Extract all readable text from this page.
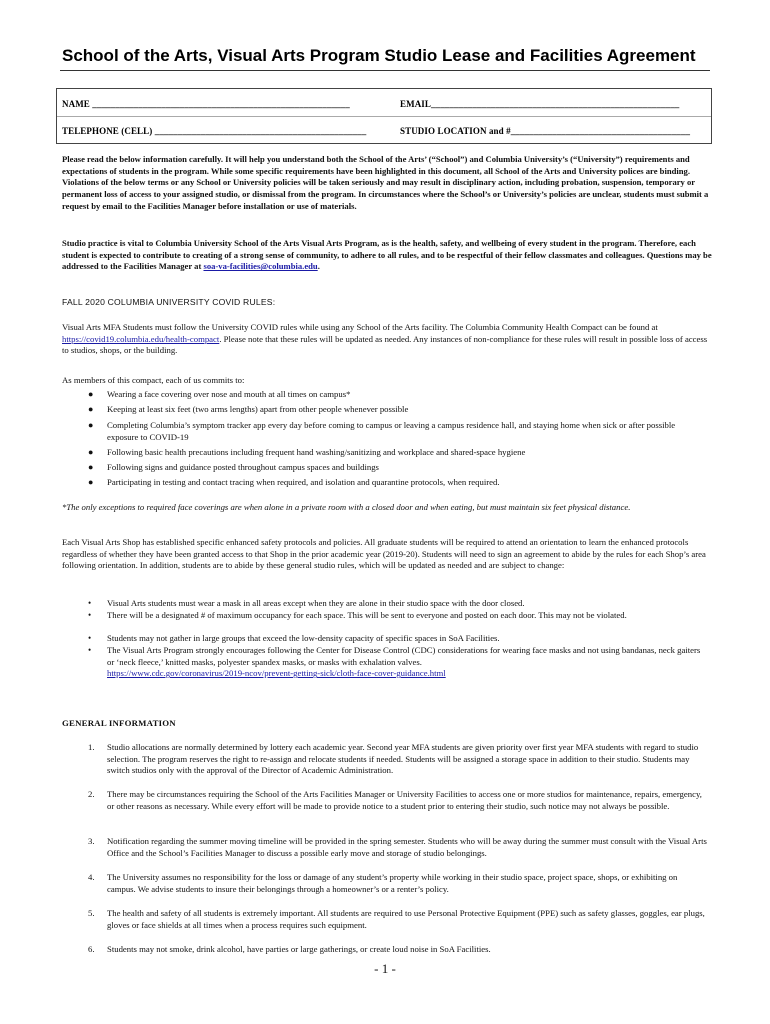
School of the Arts, Visual Arts Program Studio Lease and Facilities Agreement
NAME ________________________________________________________	EMAIL______________________________________________________
TELEPHONE (CELL) ______________________________________________	STUDIO LOCATION and #_______________________________________
Please read the below information carefully. It will help you understand both the School of the Arts’ (“School”) and Columbia University’s (“University”) requirements and expectations of students in the program. While some specific requirements have been highlighted in this document, all School of the Arts and University polices are binding. Violations of the below terms or any School or University policies will be taken seriously and may result in disciplinary action, including probation, suspension, temporary or permanent loss of access to your assigned studio, or dismissal from the program. In circumstances where the School’s or University’s policies are unclear, students must submit a request by email to the Facilities Manager before installation or use of materials.
Studio practice is vital to Columbia University School of the Arts Visual Arts Program, as is the health, safety, and wellbeing of every student in the program. Therefore, each student is expected to contribute to creating of a strong sense of community, to adhere to all rules, and to be respectful of their fellow classmates and colleagues. Questions may be addressed to the Facilities Manager at soa-va-facilities@columbia.edu.
FALL 2020 COLUMBIA UNIVERSITY COVID RULES:
Visual Arts MFA Students must follow the University COVID rules while using any School of the Arts facility. The Columbia Community Health Compact can be found at https://covid19.columbia.edu/health-compact. Please note that these rules will be updated as needed. Any instances of non-compliance for these rules will result in possible loss of access to studios, shops, or the building.
As members of this compact, each of us commits to:
● Wearing a face covering over nose and mouth at all times on campus*
● Keeping at least six feet (two arms lengths) apart from other people whenever possible
● Completing Columbia’s symptom tracker app every day before coming to campus or leaving a campus residence hall, and staying home when sick or after possible exposure to COVID-19
● Following basic health precautions including frequent hand washing/sanitizing and workplace and shared-space hygiene
● Following signs and guidance posted throughout campus spaces and buildings
● Participating in testing and contact tracing when required, and isolation and quarantine protocols, when required.
*The only exceptions to required face coverings are when alone in a private room with a closed door and when eating, but must maintain six feet physical distance.
Each Visual Arts Shop has established specific enhanced safety protocols and policies. All graduate students will be required to attend an orientation to learn the enhanced protocols regardless of whether they have been granted access to that Shop in the prior academic year (2019-20). Students will need to sign an agreement to abide by the rules for each Shop’s area following orientation. In addition, students are to abide by these general studio rules, which will be updated as needed and are subject to change:
• Visual Arts students must wear a mask in all areas except when they are alone in their studio space with the door closed.
• There will be a designated # of maximum occupancy for each space. This will be sent to everyone and posted on each door. This may not be violated.
• Students may not gather in large groups that exceed the low-density capacity of specific spaces in SoA Facilities.
• The Visual Arts Program strongly encourages following the Center for Disease Control (CDC) considerations for wearing face masks and not using bandanas, neck gaiters or ‘neck fleece,’ knitted masks, polyester spandex masks, or masks with exhalation valves.
https://www.cdc.gov/coronavirus/2019-ncov/prevent-getting-sick/cloth-face-cover-guidance.html
GENERAL INFORMATION
1. Studio allocations are normally determined by lottery each academic year. Second year MFA students are given priority over first year MFA students with regard to studio selection. The program reserves the right to re-assign and relocate students if needed. Students will be assigned a storage space in addition to their studio. Students may switch studios only with the approval of the Director of Academic Administration.
2. There may be circumstances requiring the School of the Arts Facilities Manager or University Facilities to access one or more studios for maintenance, repairs, emergency, or other reasons as necessary. While every effort will be made to provide notice to a student prior to entering their studio, such notice may not always be possible.
3. Notification regarding the summer moving timeline will be provided in the spring semester. Students who will be away during the summer must consult with the Visual Arts Office and the School’s Facilities Manager to discuss a possible early move and storage of studio belongings.
4. The University assumes no responsibility for the loss or damage of any student’s property while working in their studio space, project space, shops, or exhibiting on campus. We advise students to insure their belongings through a homeowner’s or a renter’s policy.
5. The health and safety of all students is extremely important. All students are required to use Personal Protective Equipment (PPE) such as safety glasses, goggles, ear plugs, gloves or face shields at all times when a process requires such equipment.
6. Students may not smoke, drink alcohol, have parties or large gatherings, or create loud noise in SoA Facilities.
- 1 -
